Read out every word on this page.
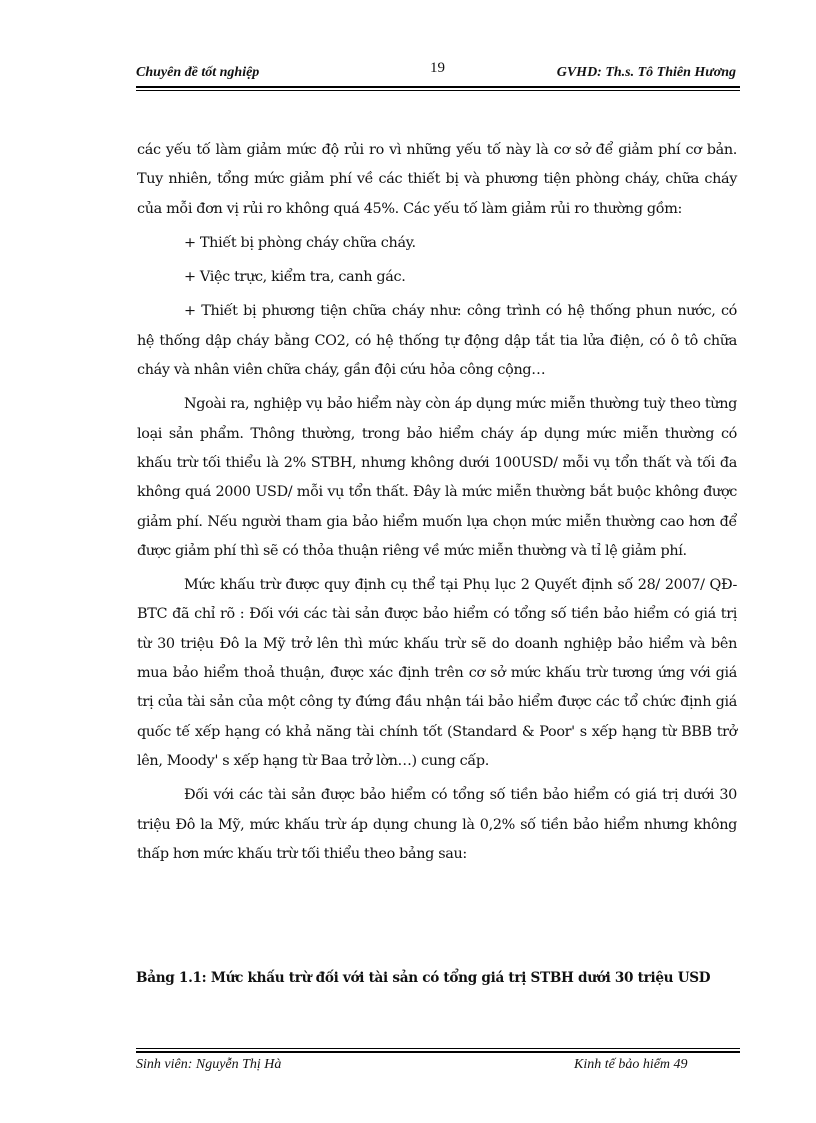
Chuyên đề tốt nghiệp	19	GVHD: Th.s. Tô Thiên Hương

các yếu tố làm giảm mức độ rủi ro vì những yếu tố này là cơ sở để giảm phí cơ bản. Tuy nhiên, tổng mức giảm phí về các thiết bị và phương tiện phòng cháy, chữa cháy của mỗi đơn vị rủi ro không quá 45%. Các yếu tố làm giảm rủi ro thường gồm:

+ Thiết bị phòng cháy chữa cháy.

+ Việc trực, kiểm tra, canh gác.

+ Thiết bị phương tiện chữa cháy như: công trình có hệ thống phun nước, có hệ thống dập cháy bằng CO2, có hệ thống tự động dập tắt tia lửa điện, có ô tô chữa cháy và nhân viên chữa cháy, gần đội cứu hỏa công cộng…

Ngoài ra, nghiệp vụ bảo hiểm này còn áp dụng mức miễn thường tuỳ theo từng loại sản phẩm. Thông thường, trong bảo hiểm cháy áp dụng mức miễn thường có khấu trừ tối thiểu là 2% STBH, nhưng không dưới 100USD/ mỗi vụ tổn thất và tối đa không quá 2000 USD/ mỗi vụ tổn thất. Đây là mức miễn thường bắt buộc không được giảm phí. Nếu người tham gia bảo hiểm muốn lựa chọn mức miễn thường cao hơn để được giảm phí thì sẽ có thỏa thuận riêng về mức miễn thường và tỉ lệ giảm phí.

Mức khấu trừ được quy định cụ thể tại Phụ lục 2 Quyết định số 28/ 2007/ QĐ-BTC đã chỉ rõ : Đối với các tài sản được bảo hiểm có tổng số tiền bảo hiểm có giá trị từ 30 triệu Đô la Mỹ trở lên thì mức khấu trừ sẽ do doanh nghiệp bảo hiểm và bên mua bảo hiểm thoả thuận, được xác định trên cơ sở mức khấu trừ tương ứng với giá trị của tài sản của một công ty đứng đầu nhận tái bảo hiểm được các tổ chức định giá quốc tế xếp hạng có khả năng tài chính tốt (Standard & Poor' s xếp hạng từ BBB trở lên, Moody' s xếp hạng từ Baa trở lờn…) cung cấp.

Đối với các tài sản được bảo hiểm có tổng số tiền bảo hiểm có giá trị dưới 30 triệu Đô la Mỹ, mức khấu trừ áp dụng chung là 0,2% số tiền bảo hiểm nhưng không thấp hơn mức khấu trừ tối thiểu theo bảng sau:

Bảng 1.1: Mức khấu trừ đối với tài sản có tổng giá trị STBH dưới 30 triệu USD
Sinh viên: Nguyễn Thị Hà	Kinh tế bảo hiểm 49
